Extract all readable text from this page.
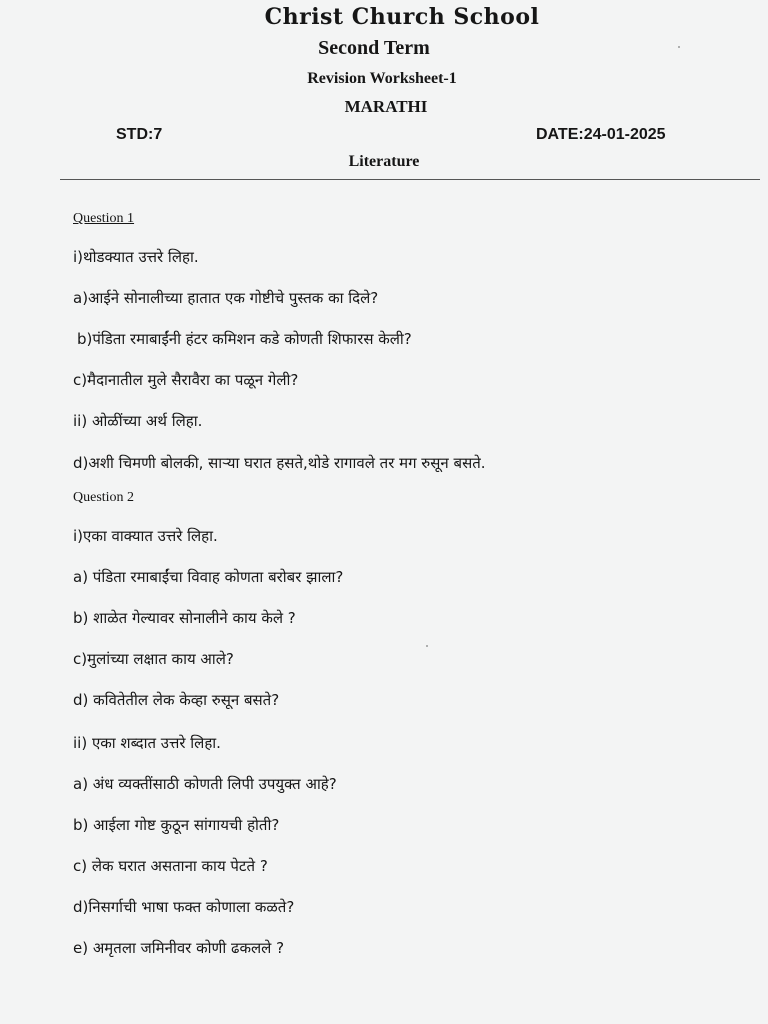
Christ Church School
Second Term
Revision Worksheet-1
MARATHI
STD:7	DATE:24-01-2025
Literature
Question 1
i)थोडक्यात उत्तरे लिहा.
a)आईने सोनालीच्या हातात एक गोष्टीचे पुस्तक का दिले?
b)पंडिता रमाबाईंनी हंटर कमिशन कडे कोणती शिफारस केली?
c)मैदानातील मुले सैरावैरा का पळून गेली?
ii) ओळींच्या अर्थ लिहा.
d)अशी चिमणी बोलकी, साऱ्या घरात हसते,थोडे रागावले तर मग रुसून बसते.
Question 2
i)एका वाक्यात उत्तरे लिहा.
a) पंडिता रमाबाईंचा विवाह कोणता बरोबर झाला?
b) शाळेत गेल्यावर सोनालीने काय केले ?
c)मुलांच्या लक्षात काय आले?
d) कवितेतील लेक केव्हा रुसून बसते?
ii) एका शब्दात उत्तरे लिहा.
a) अंध व्यक्तींसाठी कोणती लिपी उपयुक्त आहे?
b) आईला गोष्ट कुठून सांगायची होती?
c) लेक घरात असताना काय पेटते ?
d)निसर्गाची भाषा फक्त कोणाला कळते?
e) अमृतला जमिनीवर कोणी ढकलले ?
